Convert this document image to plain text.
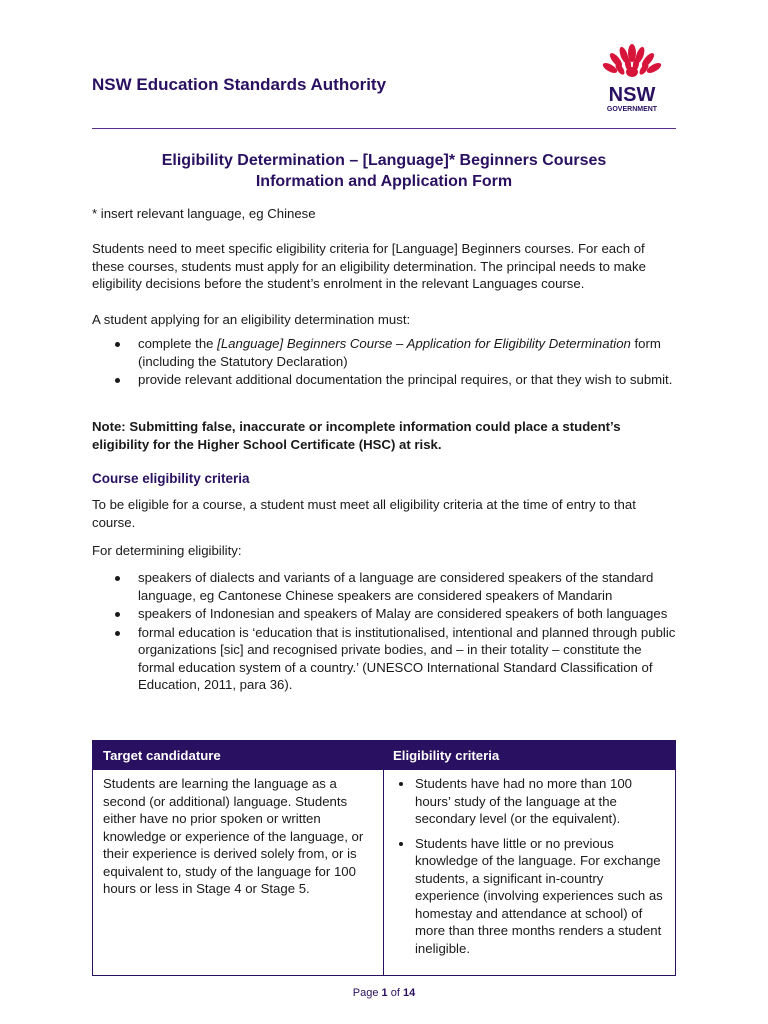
NSW Education Standards Authority	NSW
GOVERNMENT
Eligibility Determination – [Language]* Beginners Courses
Information and Application Form

* insert relevant language, eg Chinese

Students need to meet specific eligibility criteria for [Language] Beginners courses. For each of these courses, students must apply for an eligibility determination. The principal needs to make eligibility decisions before the student’s enrolment in the relevant Languages course.

A student applying for an eligibility determination must:

complete the [Language] Beginners Course – Application for Eligibility Determination form (including the Statutory Declaration)
provide relevant additional documentation the principal requires, or that they wish to submit.

Note: Submitting false, inaccurate or incomplete information could place a student’s eligibility for the Higher School Certificate (HSC) at risk.

Course eligibility criteria

To be eligible for a course, a student must meet all eligibility criteria at the time of entry to that course.

For determining eligibility:

speakers of dialects and variants of a language are considered speakers of the standard language, eg Cantonese Chinese speakers are considered speakers of Mandarin
speakers of Indonesian and speakers of Malay are considered speakers of both languages
formal education is ‘education that is institutionalised, intentional and planned through public organizations [sic] and recognised private bodies, and – in their totality – constitute the formal education system of a country.’ (UNESCO International Standard Classification of Education, 2011, para 36).
Target candidature	Eligibility criteria
Students are learning the language as a second (or additional) language. Students either have no prior spoken or written knowledge or experience of the language, or their experience is derived solely from, or is equivalent to, study of the language for 100 hours or less in Stage 4 or Stage 5.
Students have had no more than 100 hours’ study of the language at the secondary level (or the equivalent).
Students have little or no previous knowledge of the language. For exchange students, a significant in-country experience (involving experiences such as homestay and attendance at school) of more than three months renders a student ineligible.
Page 1 of 14
